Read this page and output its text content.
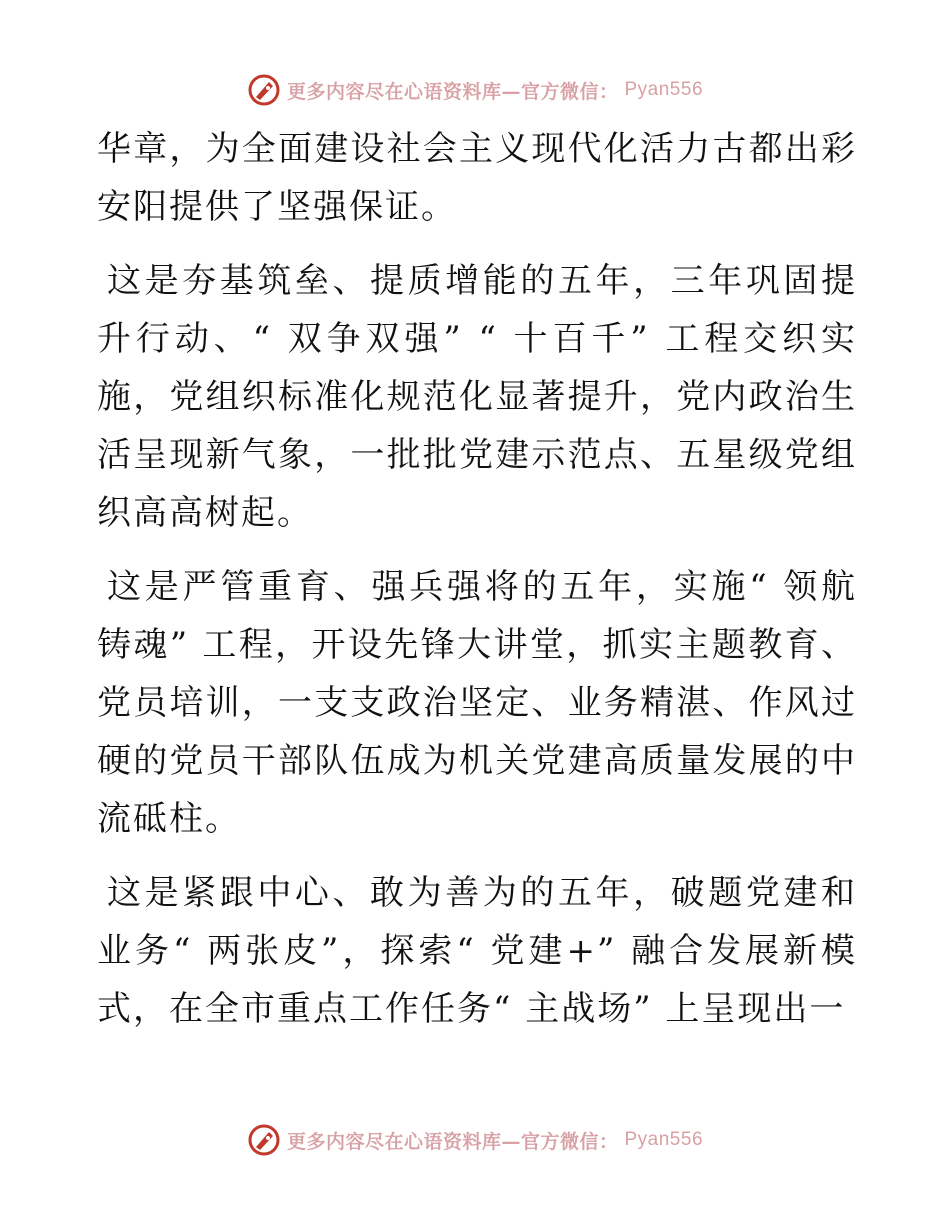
更多内容尽在心语资料库—官方微信： Pyan556

华章，为全面建设社会主义现代化活力古都出彩安阳提供了坚强保证。

这是夯基筑垒、提质增能的五年，三年巩固提升行动、“ 双争双强” “ 十百千” 工程交织实施，党组织标准化规范化显著提升，党内政治生活呈现新气象，一批批党建示范点、五星级党组织高高树起。

这是严管重育、强兵强将的五年，实施“ 领航铸魂” 工程，开设先锋大讲堂，抓实主题教育、党员培训，一支支政治坚定、业务精湛、作风过硬的党员干部队伍成为机关党建高质量发展的中流砥柱。

这是紧跟中心、敢为善为的五年，破题党建和业务“ 两张皮”，探索“ 党建+” 融合发展新模式，在全市重点工作任务“ 主战场” 上呈现出一

更多内容尽在心语资料库—官方微信： Pyan556
